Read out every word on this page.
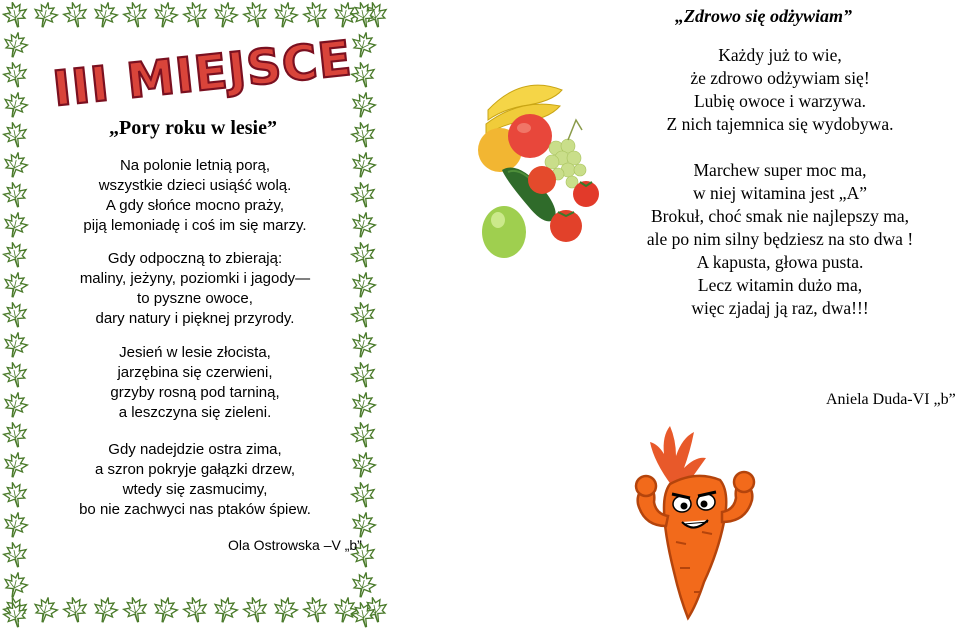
III MIEJSCE
„Pory roku w lesie”
Na polonie letnią porą,
wszystkie dzieci usiąść wolą.
A gdy słońce mocno praży,
piją lemoniadę i coś im się marzy.
Gdy odpoczną to zbierają:
maliny, jeżyny, poziomki i jagody—
to pyszne owoce,
dary natury i pięknej przyrody.
Jesień w lesie złocista,
jarzębina się czerwieni,
grzyby rosną pod tarniną,
a leszczyna się zieleni.
Gdy nadejdzie ostra zima,
a szron pokryje gałązki drzew,
wtedy się zasmucimy,
bo nie zachwyci nas ptaków śpiew.
Ola Ostrowska –V „b”
„Zdrowo się odżywiam”
Każdy już to wie,
że zdrowo odżywiam się!
Lubię owoce i warzywa.
Z nich tajemnica się wydobywa.
Marchew super moc ma,
w niej witamina jest „A”
Brokuł, choć smak nie najlepszy ma,
ale po nim silny będziesz na sto dwa !
A kapusta, głowa pusta.
Lecz witamin dużo ma,
więc zjadaj ją raz, dwa!!!
Aniela Duda-VI „b”
